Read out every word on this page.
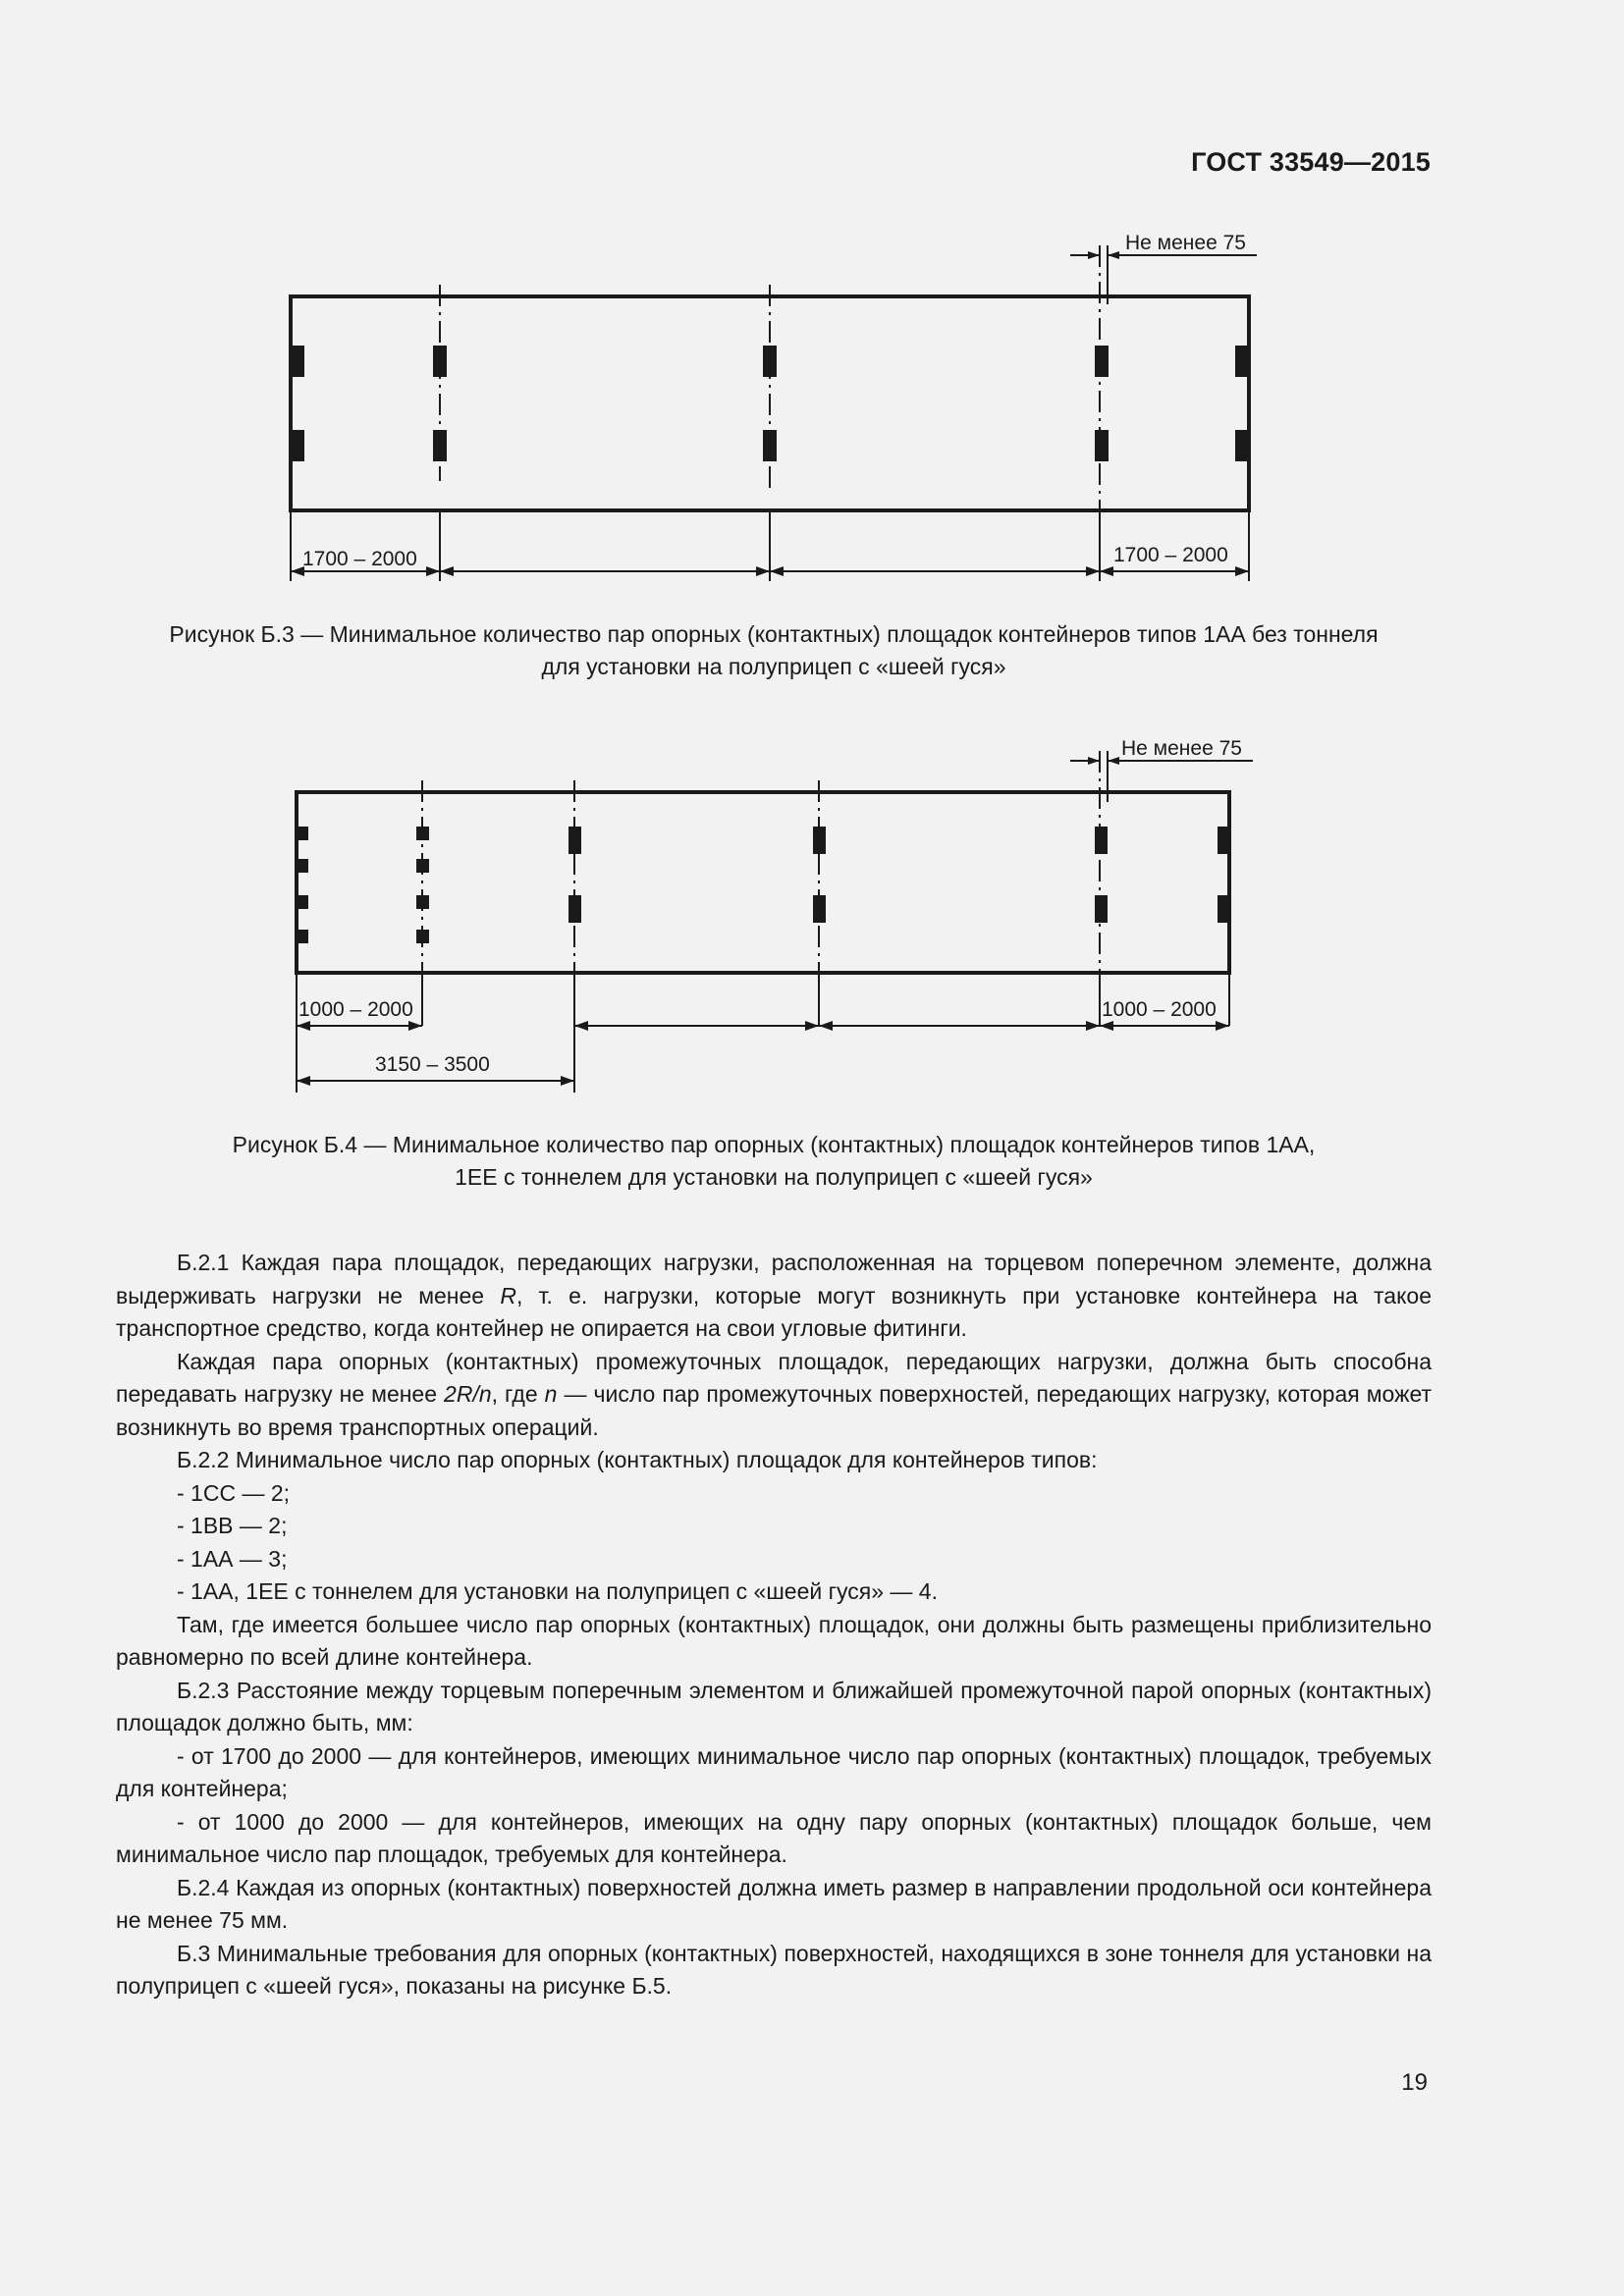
ГОСТ 33549—2015
Не менее 75
1700 – 2000	1700 – 2000
Рисунок Б.3 — Минимальное количество пар опорных (контактных) площадок контейнеров типов 1АА без тоннеля
для установки на полуприцеп с «шеей гуся»
Не менее 75
1000 – 2000	1000 – 2000
3150 – 3500
Рисунок Б.4 — Минимальное количество пар опорных (контактных) площадок контейнеров типов 1АА,
1ЕЕ с тоннелем для установки на полуприцеп с «шеей гуся»

Б.2.1 Каждая пара площадок, передающих нагрузки, расположенная на торцевом поперечном элементе, должна выдерживать нагрузки не менее R, т. е. нагрузки, которые могут возникнуть при установке контейнера на такое транспортное средство, когда контейнер не опирается на свои угловые фитинги.

Каждая пара опорных (контактных) промежуточных площадок, передающих нагрузки, должна быть способна передавать нагрузку не менее 2R/n, где n — число пар промежуточных поверхностей, передающих нагрузку, которая может возникнуть во время транспортных операций.

Б.2.2 Минимальное число пар опорных (контактных) площадок для контейнеров типов:

- 1СС — 2;

- 1ВВ — 2;

- 1АА — 3;

- 1АА, 1ЕЕ с тоннелем для установки на полуприцеп с «шеей гуся» — 4.

Там, где имеется большее число пар опорных (контактных) площадок, они должны быть размещены приблизительно равномерно по всей длине контейнера.

Б.2.3 Расстояние между торцевым поперечным элементом и ближайшей промежуточной парой опорных (контактных) площадок должно быть, мм:

- от 1700 до 2000 — для контейнеров, имеющих минимальное число пар опорных (контактных) площадок, требуемых для контейнера;

- от 1000 до 2000 — для контейнеров, имеющих на одну пару опорных (контактных) площадок больше, чем минимальное число пар площадок, требуемых для контейнера.

Б.2.4 Каждая из опорных (контактных) поверхностей должна иметь размер в направлении продольной оси контейнера не менее 75 мм.

Б.3 Минимальные требования для опорных (контактных) поверхностей, находящихся в зоне тоннеля для установки на полуприцеп с «шеей гуся», показаны на рисунке Б.5.

19
